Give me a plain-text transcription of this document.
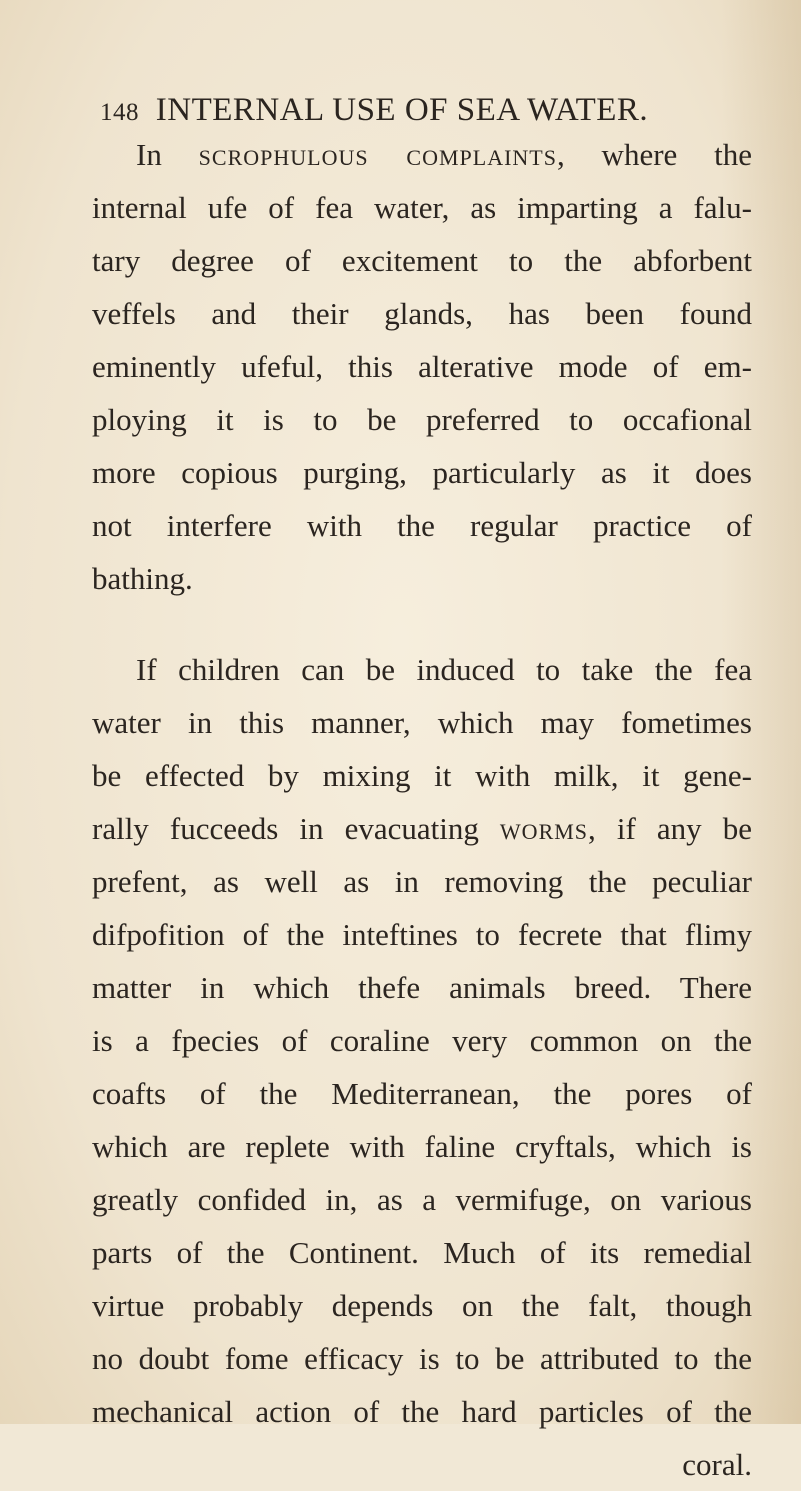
148 INTERNAL USE OF SEA WATER.
In scrophulous complaints, where the
internal ufe of fea water, as imparting a falu-
tary degree of excitement to the abforbent
veffels and their glands, has been found
eminently ufeful, this alterative mode of em-
ploying it is to be preferred to occafional
more copious purging, particularly as it does
not interfere with the regular practice of
bathing.
If children can be induced to take the fea
water in this manner, which may fometimes
be effected by mixing it with milk, it gene-
rally fucceeds in evacuating worms, if any be
prefent, as well as in removing the peculiar
difpofition of the inteftines to fecrete that flimy
matter in which thefe animals breed. There
is a fpecies of coraline very common on the
coafts of the Mediterranean, the pores of
which are replete with faline cryftals, which is
greatly confided in, as a vermifuge, on various
parts of the Continent. Much of its remedial
virtue probably depends on the falt, though
no doubt fome efficacy is to be attributed to the
mechanical action of the hard particles of the
coral.
